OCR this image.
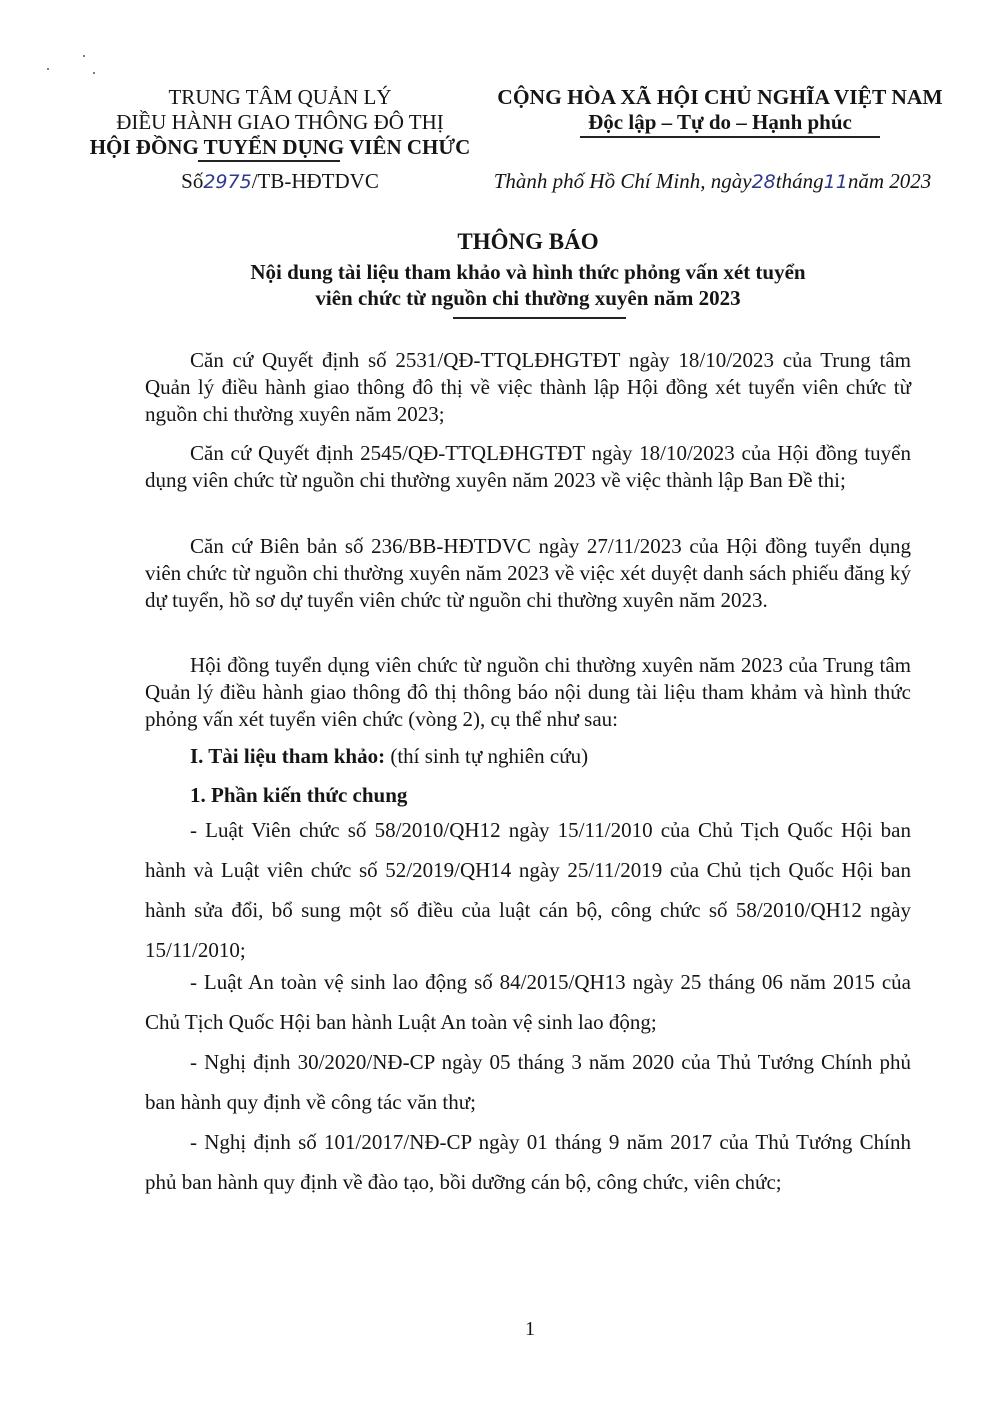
TRUNG TÂM QUẢN LÝ
ĐIỀU HÀNH GIAO THÔNG ĐÔ THỊ
HỘI ĐỒNG TUYỂN DỤNG VIÊN CHỨC
Số2975/TB-HĐTDVC
CỘNG HÒA XÃ HỘI CHỦ NGHĨA VIỆT NAM
Độc lập – Tự do – Hạnh phúc
Thành phố Hồ Chí Minh, ngày28tháng11năm 2023
THÔNG BÁO
Nội dung tài liệu tham khảo và hình thức phỏng vấn xét tuyển
viên chức từ nguồn chi thường xuyên năm 2023
Căn cứ Quyết định số 2531/QĐ-TTQLĐHGTĐT ngày 18/10/2023 của Trung tâm Quản lý điều hành giao thông đô thị về việc thành lập Hội đồng xét tuyển viên chức từ nguồn chi thường xuyên năm 2023;
Căn cứ Quyết định 2545/QĐ-TTQLĐHGTĐT ngày 18/10/2023 của Hội đồng tuyển dụng viên chức từ nguồn chi thường xuyên năm 2023 về việc thành lập Ban Đề thi;
Căn cứ Biên bản số 236/BB-HĐTDVC ngày 27/11/2023 của Hội đồng tuyển dụng viên chức từ nguồn chi thường xuyên năm 2023 về việc xét duyệt danh sách phiếu đăng ký dự tuyển, hồ sơ dự tuyển viên chức từ nguồn chi thường xuyên năm 2023.
Hội đồng tuyển dụng viên chức từ nguồn chi thường xuyên năm 2023 của Trung tâm Quản lý điều hành giao thông đô thị thông báo nội dung tài liệu tham khảm và hình thức phỏng vấn xét tuyển viên chức (vòng 2), cụ thể như sau:
I. Tài liệu tham khảo: (thí sinh tự nghiên cứu)
1. Phần kiến thức chung
- Luật Viên chức số 58/2010/QH12 ngày 15/11/2010 của Chủ Tịch Quốc Hội ban hành và Luật viên chức số 52/2019/QH14 ngày 25/11/2019 của Chủ tịch Quốc Hội ban hành sửa đổi, bổ sung một số điều của luật cán bộ, công chức số 58/2010/QH12 ngày 15/11/2010;
- Luật An toàn vệ sinh lao động số 84/2015/QH13 ngày 25 tháng 06 năm 2015 của Chủ Tịch Quốc Hội ban hành Luật An toàn vệ sinh lao động;
- Nghị định 30/2020/NĐ-CP ngày 05 tháng 3 năm 2020 của Thủ Tướng Chính phủ ban hành quy định về công tác văn thư;
- Nghị định số 101/2017/NĐ-CP ngày 01 tháng 9 năm 2017 của Thủ Tướng Chính phủ ban hành quy định về đào tạo, bồi dưỡng cán bộ, công chức, viên chức;
1
